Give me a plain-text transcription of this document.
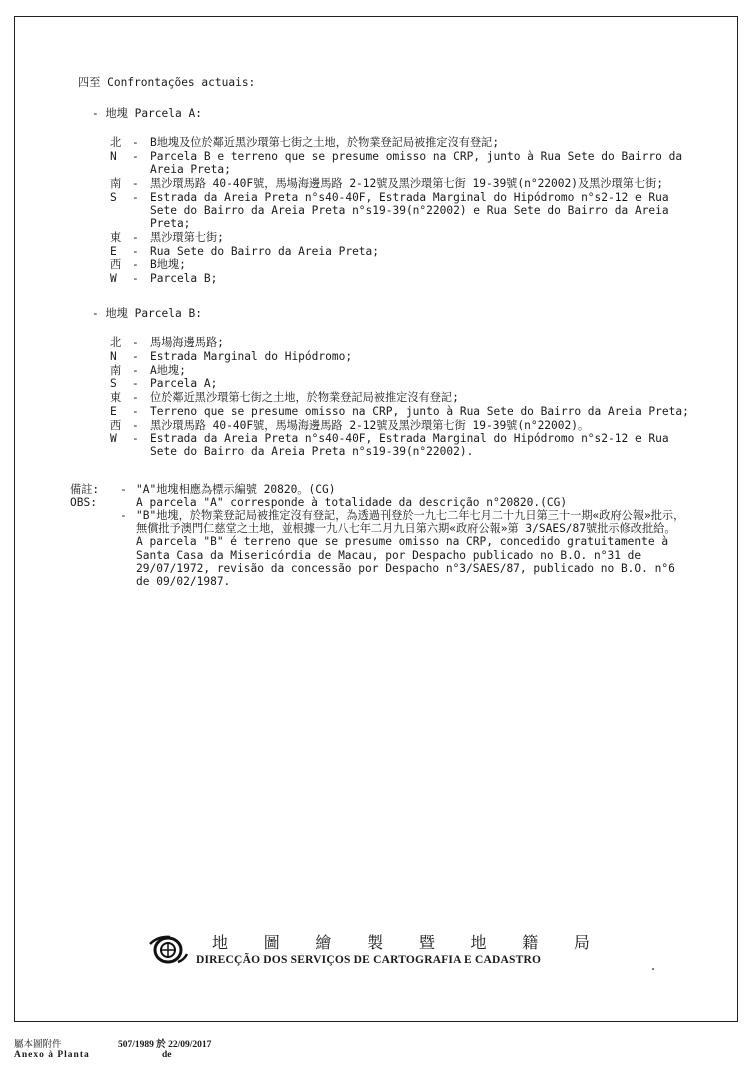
四至 Confrontações actuais:
- 地塊 Parcela A:
北 -	B地塊及位於鄰近黑沙環第七街之土地，於物業登記局被推定沒有登記;
N	-	Parcela B e terreno que se presume omisso na CRP, junto à Rua Sete do Bairro da Areia Preta;
南 -	黑沙環馬路 40-40F號，馬場海邊馬路 2-12號及黑沙環第七街 19-39號(n°22002)及黑沙環第七街;
S	-	Estrada da Areia Preta n°s40-40F, Estrada Marginal do Hipódromo n°s2-12 e Rua Sete do Bairro da Areia Preta n°s19-39(n°22002) e Rua Sete do Bairro da Areia Preta;
東 -	黑沙環第七街;
E	-	Rua Sete do Bairro da Areia Preta;
西 -	B地塊;
W	-	Parcela B;
- 地塊 Parcela B:
北 -	馬場海邊馬路;
N	-	Estrada Marginal do Hipódromo;
南 -	A地塊;
S	-	Parcela A;
東 -	位於鄰近黑沙環第七街之土地，於物業登記局被推定沒有登記;
E	-	Terreno que se presume omisso na CRP, junto à Rua Sete do Bairro da Areia Preta;
西 -	黑沙環馬路 40-40F號，馬場海邊馬路 2-12號及黑沙環第七街 19-39號(n°22002)。
W	-	Estrada da Areia Preta n°s40-40F, Estrada Marginal do Hipódromo n°s2-12 e Rua Sete do Bairro da Areia Preta n°s19-39(n°22002).
備註:
OBS:
- "A"地塊相應為標示編號 20820。(CG)
A parcela "A" corresponde à totalidade da descrição n°20820.(CG)
- "B"地塊，於物業登記局被推定沒有登記，為透過刊登於一九七二年七月二十九日第三十一期«政府公報»批示，無償批予澳門仁慈堂之土地，並根據一九八七年二月九日第六期«政府公報»第 3/SAES/87號批示修改批給。
A parcela "B" é terreno que se presume omisso na CRP, concedido gratuitamente à Santa Casa da Misericórdia de Macau, por Despacho publicado no B.O. n°31 de 29/07/1972, revisão da concessão por Despacho n°3/SAES/87, publicado no B.O. n°6 de 09/02/1987.
地 圖 繪 製 暨 地 籍 局
DIRECÇÃO DOS SERVIÇOS DE CARTOGRAFIA E CADASTRO
屬本圖附件	507/1989 於 22/09/2017
Anexo à Planta	de
